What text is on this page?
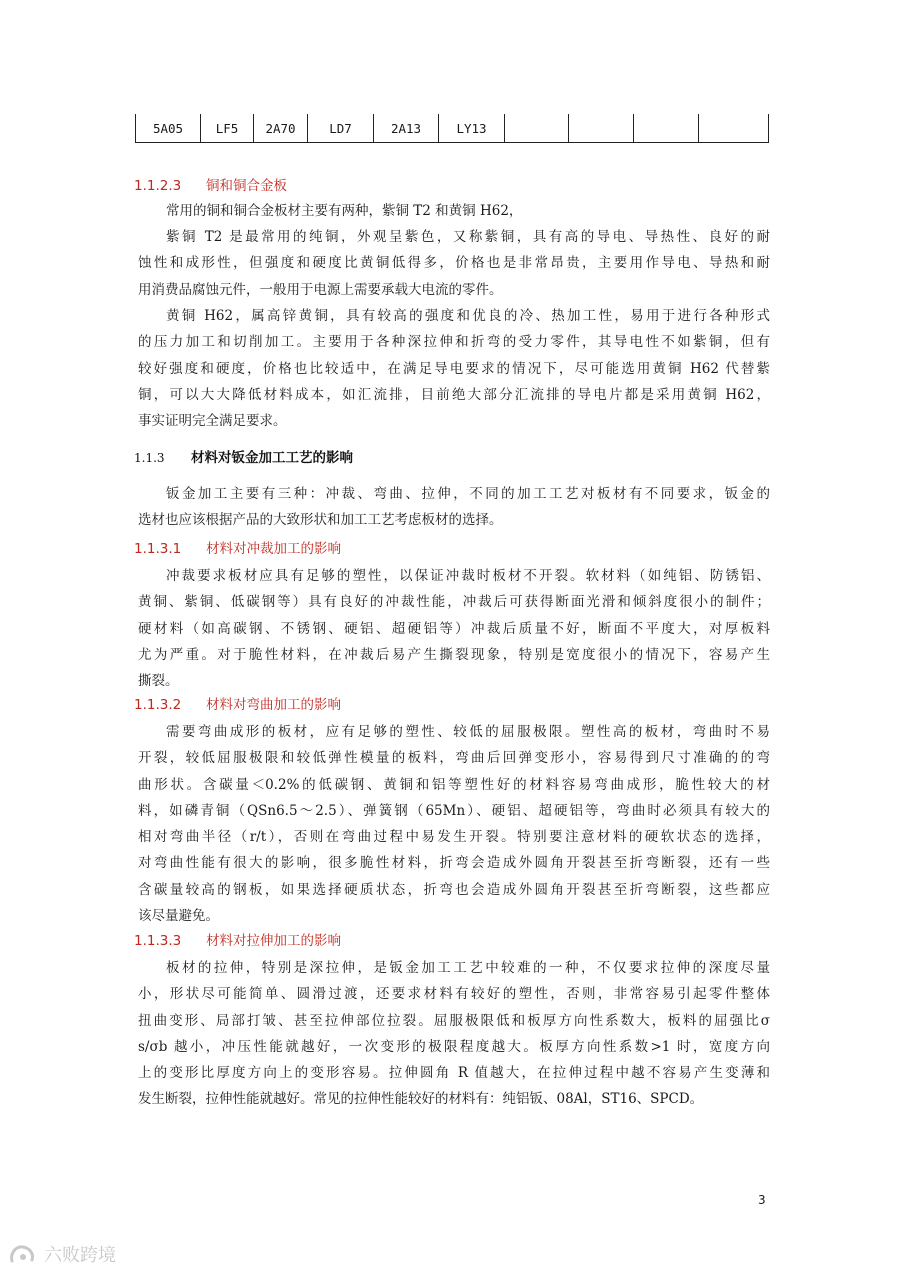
5A05	LF5	2A70	LD7	2A13	LY13				
1.1.2.3 铜和铜合金板
常用的铜和铜合金板材主要有两种，紫铜 T2 和黄铜 H62，
紫铜 T2 是最常用的纯铜，外观呈紫色，又称紫铜，具有高的导电、导热性、良好的耐
蚀性和成形性，但强度和硬度比黄铜低得多，价格也是非常昂贵，主要用作导电、导热和耐
用消费品腐蚀元件，一般用于电源上需要承载大电流的零件。
黄铜 H62，属高锌黄铜，具有较高的强度和优良的冷、热加工性，易用于进行各种形式
的压力加工和切削加工。主要用于各种深拉伸和折弯的受力零件，其导电性不如紫铜，但有
较好强度和硬度，价格也比较适中，在满足导电要求的情况下，尽可能选用黄铜 H62 代替紫
铜，可以大大降低材料成本，如汇流排，目前绝大部分汇流排的导电片都是采用黄铜 H62，
事实证明完全满足要求。
1.1.3 材料对钣金加工工艺的影响
钣金加工主要有三种：冲裁、弯曲、拉伸，不同的加工工艺对板材有不同要求，钣金的
选材也应该根据产品的大致形状和加工工艺考虑板材的选择。
1.1.3.1 材料对冲裁加工的影响
冲裁要求板材应具有足够的塑性，以保证冲裁时板材不开裂。软材料（如纯铝、防锈铝、
黄铜、紫铜、低碳钢等）具有良好的冲裁性能，冲裁后可获得断面光滑和倾斜度很小的制件；
硬材料（如高碳钢、不锈钢、硬铝、超硬铝等）冲裁后质量不好，断面不平度大，对厚板料
尤为严重。对于脆性材料，在冲裁后易产生撕裂现象，特别是宽度很小的情况下，容易产生
撕裂。
1.1.3.2 材料对弯曲加工的影响
需要弯曲成形的板材，应有足够的塑性、较低的屈服极限。塑性高的板材，弯曲时不易
开裂，较低屈服极限和较低弹性模量的板料，弯曲后回弹变形小，容易得到尺寸准确的的弯
曲形状。含碳量＜0.2%的低碳钢、黄铜和铝等塑性好的材料容易弯曲成形，脆性较大的材
料，如磷青铜（QSn6.5～2.5）、弹簧钢（65Mn）、硬铝、超硬铝等，弯曲时必须具有较大的
相对弯曲半径（r/t），否则在弯曲过程中易发生开裂。特别要注意材料的硬软状态的选择，
对弯曲性能有很大的影响，很多脆性材料，折弯会造成外圆角开裂甚至折弯断裂，还有一些
含碳量较高的钢板，如果选择硬质状态，折弯也会造成外圆角开裂甚至折弯断裂，这些都应
该尽量避免。
1.1.3.3 材料对拉伸加工的影响
板材的拉伸，特别是深拉伸，是钣金加工工艺中较难的一种，不仅要求拉伸的深度尽量
小，形状尽可能简单、圆滑过渡，还要求材料有较好的塑性，否则，非常容易引起零件整体
扭曲变形、局部打皱、甚至拉伸部位拉裂。屈服极限低和板厚方向性系数大，板料的屈强比σ
s/σb 越小，冲压性能就越好，一次变形的极限程度越大。板厚方向性系数>1 时，宽度方向
上的变形比厚度方向上的变形容易。拉伸圆角 R 值越大，在拉伸过程中越不容易产生变薄和
发生断裂，拉伸性能就越好。常见的拉伸性能较好的材料有：纯铝钣、08Al，ST16、SPCD。
3
六败跨境
